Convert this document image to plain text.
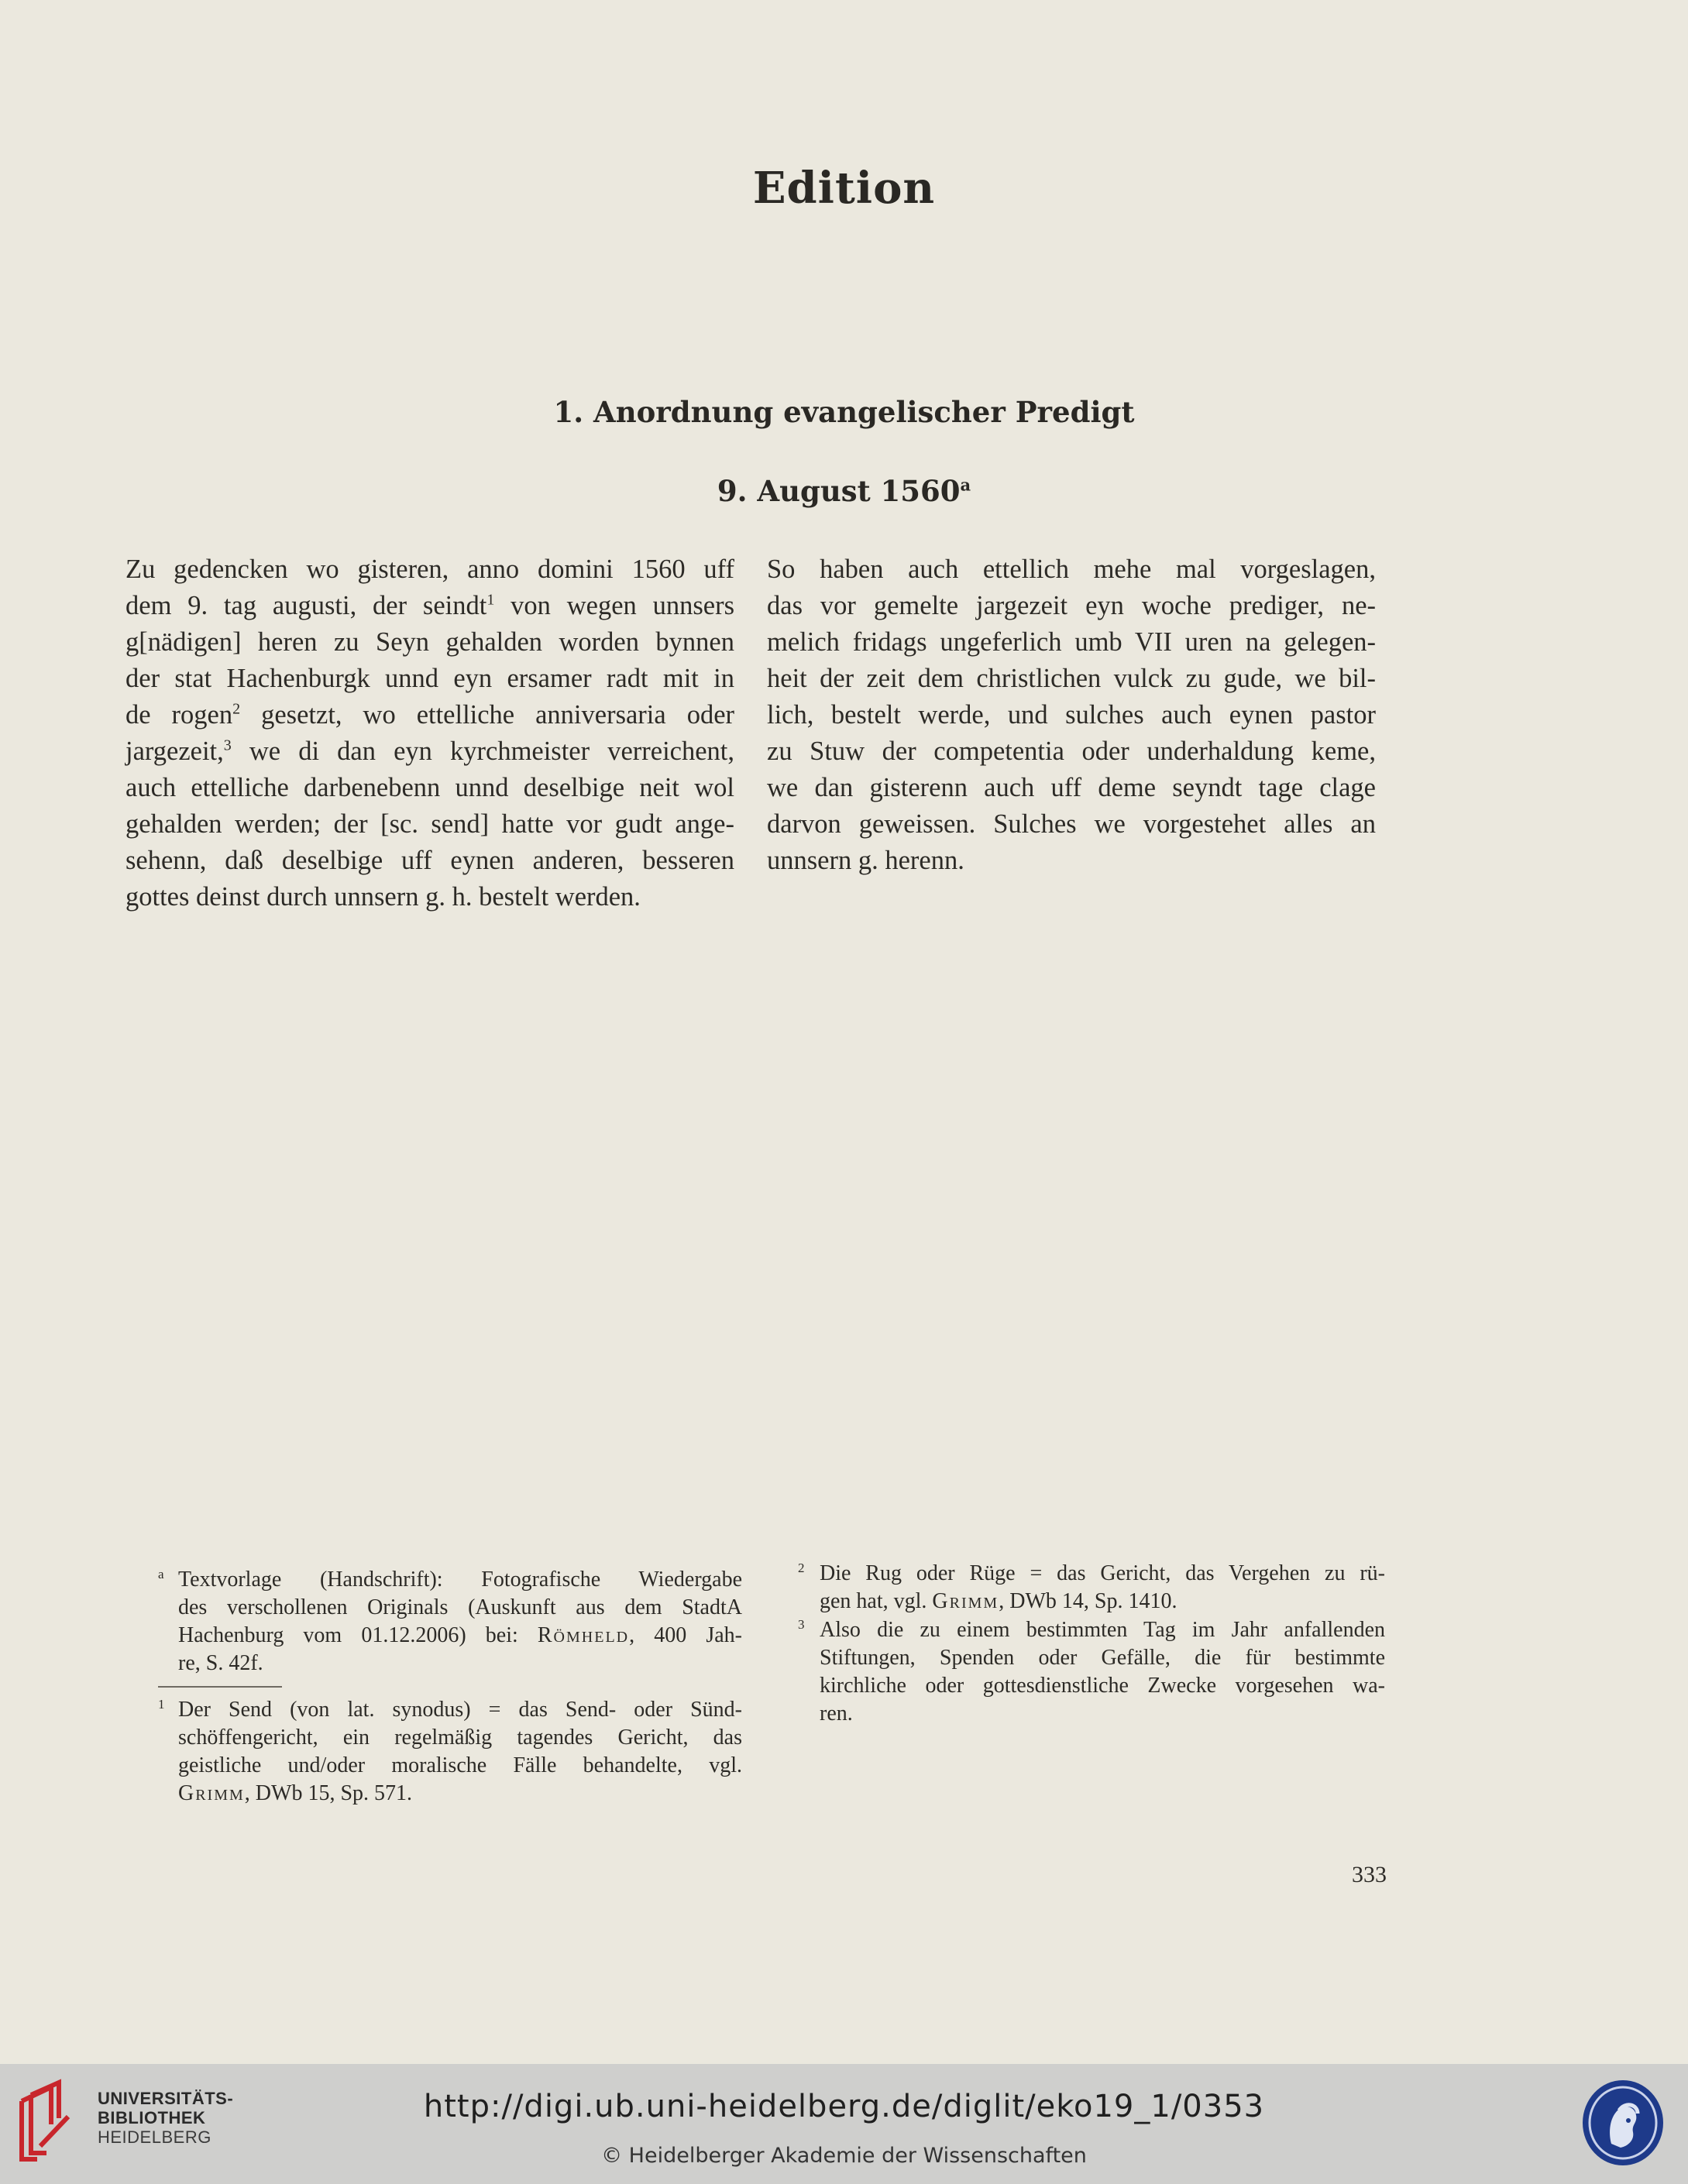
Edition
1. Anordnung evangelischer Predigt
9. August 1560$^a$
Zu gedencken wo gisteren, anno domini 1560 uff
dem 9. tag augusti, der seindt$^1$ von wegen unnsers
g[nädigen] heren zu Seyn gehalden worden bynnen
der stat Hachenburgk unnd eyn ersamer radt mit in
de rogen$^2$ gesetzt, wo ettelliche anniversaria oder
jargezeit,$^3$ we di dan eyn kyrchmeister verreichent,
auch ettelliche darbenebenn unnd deselbige neit wol
gehalden werden; der [sc. send] hatte vor gudt ange-
sehenn, daß deselbige uff eynen anderen, besseren
gottes deinst durch unnsern g. h. bestelt werden.
So haben auch ettellich mehe mal vorgeslagen,
das vor gemelte jargezeit eyn woche prediger, ne-
melich fridags ungeferlich umb VII uren na gelegen-
heit der zeit dem christlichen vulck zu gude, we bil-
lich, bestelt werde, und sulches auch eynen pastor
zu Stuw der competentia oder underhaldung keme,
we dan gisterenn auch uff deme seyndt tage clage
darvon geweissen. Sulches we vorgestehet alles an
unnsern g. herenn.
a Textvorlage (Handschrift): Fotografische Wiedergabe
des verschollenen Originals (Auskunft aus dem StadtA
Hachenburg vom 01.12.2006) bei: Römheld, 400 Jah-
re, S. 42f.
1 Der Send (von lat. synodus) = das Send- oder Sünd-
schöffengericht, ein regelmäßig tagendes Gericht, das
geistliche und/oder moralische Fälle behandelte, vgl.
Grimm, DWb 15, Sp. 571.
2 Die Rug oder Rüge = das Gericht, das Vergehen zu rü-
gen hat, vgl. Grimm, DWb 14, Sp. 1410.
3 Also die zu einem bestimmten Tag im Jahr anfallenden
Stiftungen, Spenden oder Gefälle, die für bestimmte
kirchliche oder gottesdienstliche Zwecke vorgesehen wa-
ren.
333
UNIVERSITÄTS-
BIBLIOTHEK
HEIDELBERG
http://digi.ub.uni-heidelberg.de/diglit/eko19_1/0353
© Heidelberger Akademie der Wissenschaften
